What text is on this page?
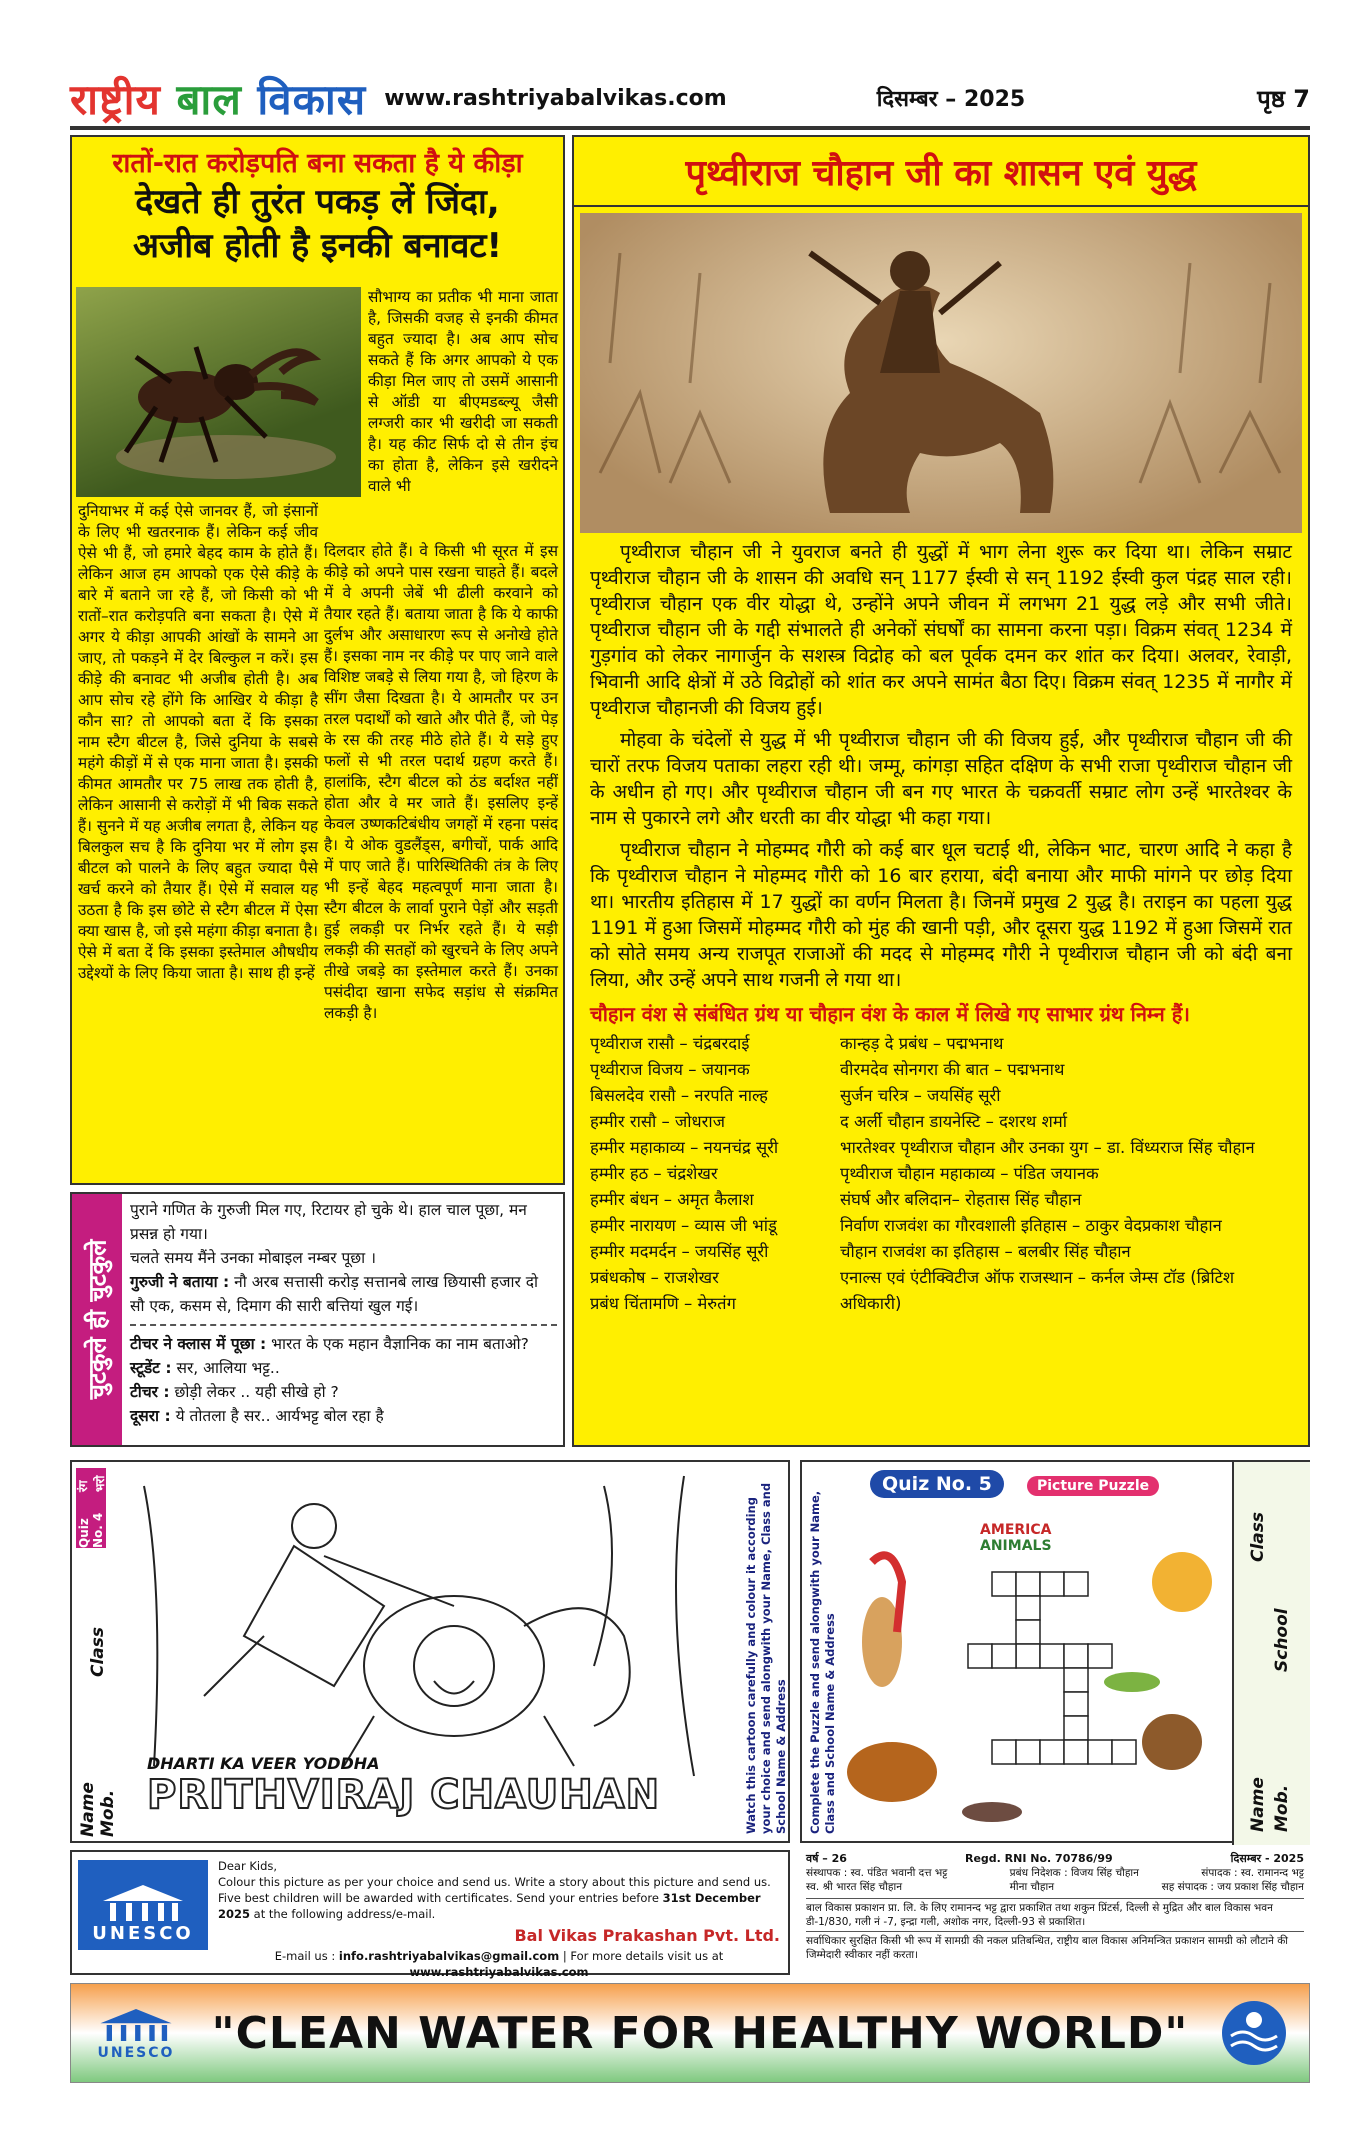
राष्ट्रीय बाल विकास www.rashtriyabalvikas.com	दिसम्बर – 2025	पृष्ठ 7
रातों-रात करोड़पति बना सकता है ये कीड़ा
देखते ही तुरंत पकड़ लें जिंदा,
अजीब होती है इनकी बनावट!
सौभाग्य का प्रतीक भी माना जाता है, जिसकी वजह से इनकी कीमत बहुत ज्यादा है। अब आप सोच सकते हैं कि अगर आपको ये एक कीड़ा मिल जाए तो उसमें आसानी से ऑडी या बीएमडब्ल्यू जैसी लग्जरी कार भी खरीदी जा सकती है। यह कीट सिर्फ दो से तीन इंच का होता है, लेकिन इसे खरीदने वाले भी
दुनियाभर में कई ऐसे जानवर हैं, जो इंसानों के लिए भी खतरनाक हैं। लेकिन कई जीव ऐसे भी हैं, जो हमारे बेहद काम के होते हैं। लेकिन आज हम आपको एक ऐसे कीड़े के बारे में बताने जा रहे हैं, जो किसी को भी रातों–रात करोड़पति बना सकता है। ऐसे में अगर ये कीड़ा आपकी आंखों के सामने आ जाए, तो पकड़ने में देर बिल्कुल न करें। इस कीड़े की बनावट भी अजीब होती है। अब आप सोच रहे होंगे कि आखिर ये कीड़ा है कौन सा? तो आपको बता दें कि इसका नाम स्टैग बीटल है, जिसे दुनिया के सबसे महंगे कीड़ों में से एक माना जाता है। इसकी कीमत आमतौर पर 75 लाख तक होती है, लेकिन आसानी से करोड़ों में भी बिक सकते हैं। सुनने में यह अजीब लगता है, लेकिन यह बिलकुल सच है कि दुनिया भर में लोग इस बीटल को पालने के लिए बहुत ज्यादा पैसे खर्च करने को तैयार हैं। ऐसे में सवाल यह उठता है कि इस छोटे से स्टैग बीटल में ऐसा क्या खास है, जो इसे महंगा कीड़ा बनाता है। ऐसे में बता दें कि इसका इस्तेमाल औषधीय उद्देश्यों के लिए किया जाता है। साथ ही इन्हें
दिलदार होते हैं। वे किसी भी सूरत में इस कीड़े को अपने पास रखना चाहते हैं। बदले में वे अपनी जेबें भी ढीली करवाने को तैयार रहते हैं। बताया जाता है कि ये काफी दुर्लभ और असाधारण रूप से अनोखे होते हैं। इसका नाम नर कीड़े पर पाए जाने वाले विशिष्ट जबड़े से लिया गया है, जो हिरण के सींग जैसा दिखता है। ये आमतौर पर उन तरल पदार्थों को खाते और पीते हैं, जो पेड़ के रस की तरह मीठे होते हैं। ये सड़े हुए फलों से भी तरल पदार्थ ग्रहण करते हैं। हालांकि, स्टैग बीटल को ठंड बर्दाश्त नहीं होता और वे मर जाते हैं। इसलिए इन्हें केवल उष्णकटिबंधीय जगहों में रहना पसंद है। ये ओक वुडलैंड्स, बगीचों, पार्क आदि में पाए जाते हैं। पारिस्थितिकी तंत्र के लिए भी इन्हें बेहद महत्वपूर्ण माना जाता है। स्टैग बीटल के लार्वा पुराने पेड़ों और सड़ती हुई लकड़ी पर निर्भर रहते हैं। ये सड़ी लकड़ी की सतहों को खुरचने के लिए अपने तीखे जबड़े का इस्तेमाल करते हैं। उनका पसंदीदा खाना सफेद सड़ांध से संक्रमित लकड़ी है।
पृथ्वीराज चौहान जी का शासन एवं युद्ध

पृथ्वीराज चौहान जी ने युवराज बनते ही युद्धों में भाग लेना शुरू कर दिया था। लेकिन सम्राट पृथ्वीराज चौहान जी के शासन की अवधि सन् 1177 ईस्वी से सन् 1192 ईस्वी कुल पंद्रह साल रही। पृथ्वीराज चौहान एक वीर योद्धा थे, उन्होंने अपने जीवन में लगभग 21 युद्ध लड़े और सभी जीते। पृथ्वीराज चौहान जी के गद्दी संभालते ही अनेकों संघर्षों का सामना करना पड़ा। विक्रम संवत् 1234 में गुड़गांव को लेकर नागार्जुन के सशस्त्र विद्रोह को बल पूर्वक दमन कर शांत कर दिया। अलवर, रेवाड़ी, भिवानी आदि क्षेत्रों में उठे विद्रोहों को शांत कर अपने सामंत बैठा दिए। विक्रम संवत् 1235 में नागौर में पृथ्वीराज चौहानजी की विजय हुई।

मोहवा के चंदेलों से युद्ध में भी पृथ्वीराज चौहान जी की विजय हुई, और पृथ्वीराज चौहान जी की चारों तरफ विजय पताका लहरा रही थी। जम्मू, कांगड़ा सहित दक्षिण के सभी राजा पृथ्वीराज चौहान जी के अधीन हो गए। और पृथ्वीराज चौहान जी बन गए भारत के चक्रवर्ती सम्राट लोग उन्हें भारतेश्वर के नाम से पुकारने लगे और धरती का वीर योद्धा भी कहा गया।

पृथ्वीराज चौहान ने मोहम्मद गौरी को कई बार धूल चटाई थी, लेकिन भाट, चारण आदि ने कहा है कि पृथ्वीराज चौहान ने मोहम्मद गौरी को 16 बार हराया, बंदी बनाया और माफी मांगने पर छोड़ दिया था। भारतीय इतिहास में 17 युद्धों का वर्णन मिलता है। जिनमें प्रमुख 2 युद्ध है। तराइन का पहला युद्ध 1191 में हुआ जिसमें मोहम्मद गौरी को मुंह की खानी पड़ी, और दूसरा युद्ध 1192 में हुआ जिसमें रात को सोते समय अन्य राजपूत राजाओं की मदद से मोहम्मद गौरी ने पृथ्वीराज चौहान जी को बंदी बना लिया, और उन्हें अपने साथ गजनी ले गया था।

चौहान वंश से संबंधित ग्रंथ या चौहान वंश के काल में लिखे गए साभार ग्रंथ निम्न हैं।
पृथ्वीराज रासौ – चंद्रबरदाई
पृथ्वीराज विजय – जयानक
बिसलदेव रासौ – नरपति नाल्ह
हम्मीर रासौ – जोधराज
हम्मीर महाकाव्य – नयनचंद्र सूरी
हम्मीर हठ – चंद्रशेखर
हम्मीर बंधन – अमृत कैलाश
हम्मीर नारायण – व्यास जी भांडू
हम्मीर मदमर्दन – जयसिंह सूरी
प्रबंधकोष – राजशेखर
प्रबंध चिंतामणि – मेरुतंग
कान्हड़ दे प्रबंध – पद्मभनाथ
वीरमदेव सोनगरा की बात – पद्मभनाथ
सुर्जन चरित्र – जयसिंह सूरी
द अर्ली चौहान डायनेस्टि – दशरथ शर्मा
भारतेश्वर पृथ्वीराज चौहान और उनका युग – डा. विंध्यराज सिंह चौहान
पृथ्वीराज चौहान महाकाव्य – पंडित जयानक
संघर्ष और बलिदान– रोहतास सिंह चौहान
निर्वाण राजवंश का गौरवशाली इतिहास – ठाकुर वेदप्रकाश चौहान
चौहान राजवंश का इतिहास – बलबीर सिंह चौहान
एनाल्स एवं एंटीक्विटीज ऑफ राजस्थान – कर्नल जेम्स टॉड (ब्रिटिश अधिकारी)
चुटकुले ही चुटकुले
पुराने गणित के गुरुजी मिल गए, रिटायर हो चुके थे। हाल चाल पूछा, मन प्रसन्न हो गया।
चलते समय मैंने उनका मोबाइल नम्बर पूछा ।
गुरुजी ने बताया : नौ अरब सत्तासी करोड़ सत्तानबे लाख छियासी हजार दो सौ एक, कसम से, दिमाग की सारी बत्तियां खुल गई।
टीचर ने क्लास में पूछा : भारत के एक महान वैज्ञानिक का नाम बताओ?
स्टूडेंट : सर, आलिया भट्ट..
टीचर : छोड़ी लेकर .. यही सीखे हो ?
दूसरा : ये तोतला है सर.. आर्यभट्ट बोल रहा है
Quiz No. 4

रंग भरो
Class
Name Mob.
DHARTI KA VEER YODDHA
PRITHVIRAJ CHAUHAN	Watch this cartoon carefully and colour it according your choice and send alongwith your Name, Class and School Name & Address Complete the Puzzle and send alongwith your Name, Class and School Name & Address
Quiz No. 5	Picture Puzzle
AMERICA
ANIMALS	Class
School
Name Mob.
UNESCO
Dear Kids,
Colour this picture as per your choice and send us. Write a story about this picture and send us. Five best children will be awarded with certificates. Send your entries before 31st December 2025 at the following address/e-mail.
Bal Vikas Prakashan Pvt. Ltd.
E-mail us : info.rashtriyabalvikas@gmail.com | For more details visit us at www.rashtriyabalvikas.com
वर्ष – 26	Regd. RNI No. 70786/99	दिसम्बर - 2025
संस्थापक : स्व. पंडित भवानी दत्त भट्ट	प्रबंध निदेशक : विजय सिंह चौहान	संपादक : स्व. रामानन्द भट्ट
स्व. श्री भारत सिंह चौहान	मीना चौहान	सह संपादक : जय प्रकाश सिंह चौहान
बाल विकास प्रकाशन प्रा. लि. के लिए रामानन्द भट्ट द्वारा प्रकाशित तथा शकुन प्रिंटर्स, दिल्ली से मुद्रित और बाल विकास भवन डी-1/830, गली नं -7, इन्द्रा गली, अशोक नगर, दिल्ली-93 से प्रकाशित।
सर्वाधिकार सुरक्षित किसी भी रूप में सामग्री की नकल प्रतिबन्धित, राष्ट्रीय बाल विकास अनिमन्त्रित प्रकाशन सामग्री को लौटाने की जिम्मेदारी स्वीकार नहीं करता।
UNESCO "CLEAN WATER FOR HEALTHY WORLD"
